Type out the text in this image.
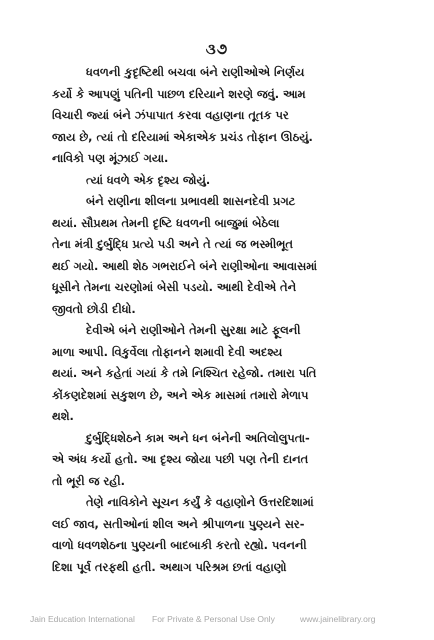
૩૭
ધવળની કુદૃષ્ટિથી બચવા બંને રાણીઓએ નિર્ણય
કર્યો કે આપણું પતિની પાછળ દરિયાને શરણે જવું. આમ
વિચારી જ્યાં બંને ઝંપાપાત કરવા વહાણના તૂતક પર
જાય છે, ત્યાં તો દરિયામાં એકાએક પ્રચંડ તોફાન ઊઠયું.
નાવિકો પણ મૂંઝાઈ ગયા.
ત્યાં ધવળે એક દૃશ્ય જોયું.
બંને રાણીના શીલના પ્રભાવથી શાસનદેવી પ્રગટ
થયાં. સૌપ્રથમ તેમની દૃષ્ટિ ધવળની બાજુમાં બેઠેલા
તેના મંત્રી દુર્બુદ્ધિ પ્રત્યે પડી અને તે ત્યાં જ ભસ્મીભૂત
થઈ ગયો. આથી શેઠ ગભરાઈને બંને રાણીઓના આવાસમાં
ધૂસીને તેમના ચરણોમાં બેસી પડયો. આથી દેવીએ તેને
જીવતો છોડી દીધો.
દેવીએ બંને રાણીઓને તેમની સુરક્ષા માટે ફૂલની
માળા આપી. વિકુર્વેલા તોફાનને શમાવી દેવી અદશ્ય
થયાં. અને કહેતાં ગયાં કે તમે નિશ્ચિત રહેજો. તમારા પતિ
કોંકણદેશમાં સકુશળ છે, અને એક માસમાં તમારો મેળાપ
થશે.
દુર્બુદ્ધિશેઠને કામ અને ધન બંનેની અતિલોલુપતા-
એ અંધ કર્યો હતો. આ દૃશ્ય જોયા પછી પણ તેની દાનત
તો ભૂરી જ રહી.
તેણે નાવિકોને સૂચન કર્યું કે વહાણોને ઉત્તરદિશામાં
લઈ જાવ, સતીઓનાં શીલ અને શ્રીપાળના પુણ્યને સર-
વાળો ધવળશેઠના પુણ્યની બાદબાકી કરતો રહ્યો. પવનની
દિશા પૂર્વ તરફથી હતી. અથાગ પરિશ્રમ છતાં વહાણો
Jain Education International For Private & Personal Use Only	www.jainelibrary.org
